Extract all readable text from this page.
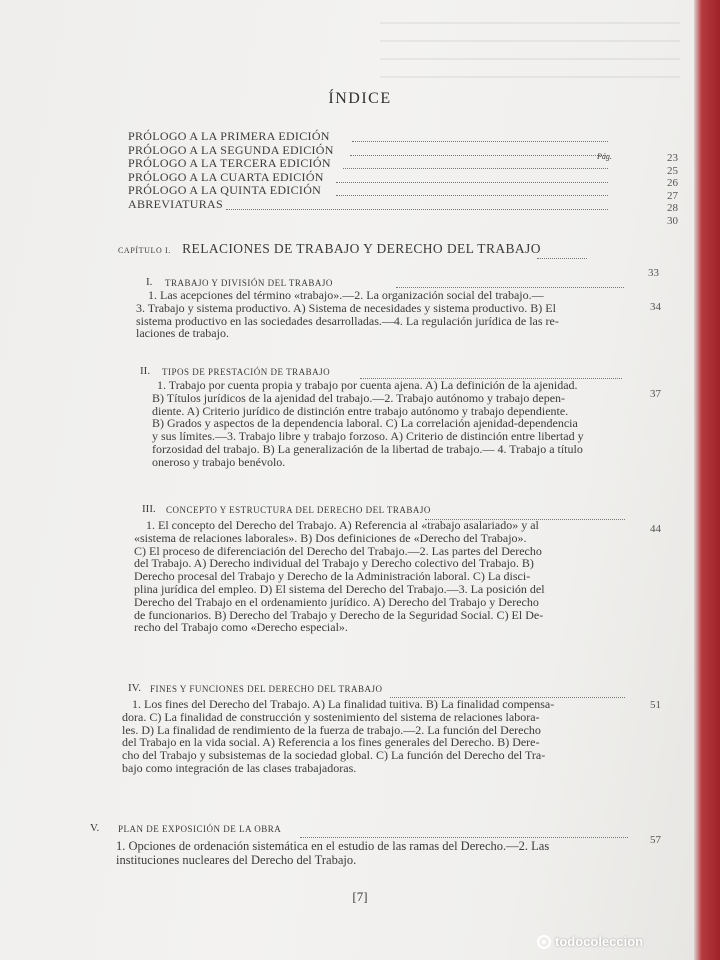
ÍNDICE
PRÓLOGO A LA PRIMERA EDICIÓN
PRÓLOGO A LA SEGUNDA EDICIÓN
PRÓLOGO A LA TERCERA EDICIÓN
PRÓLOGO A LA CUARTA EDICIÓN
PRÓLOGO A LA QUINTA EDICIÓN
ABREVIATURAS
Pág.	23
25
26
27
28
30
CAPÍTULO I. RELACIONES DE TRABAJO Y DERECHO DEL TRABAJO
33
I. TRABAJO Y DIVISIÓN DEL TRABAJO
34
1. Las acepciones del término «trabajo».—2. La organización social del trabajo.—
3. Trabajo y sistema productivo. A) Sistema de necesidades y sistema productivo. B) El
sistema productivo en las sociedades desarrolladas.—4. La regulación jurídica de las re-
laciones de trabajo.
II. TIPOS DE PRESTACIÓN DE TRABAJO
37
1. Trabajo por cuenta propia y trabajo por cuenta ajena. A) La definición de la ajenidad.
B) Títulos jurídicos de la ajenidad del trabajo.—2. Trabajo autónomo y trabajo depen-
diente. A) Criterio jurídico de distinción entre trabajo autónomo y trabajo dependiente.
B) Grados y aspectos de la dependencia laboral. C) La correlación ajenidad-dependencia
y sus límites.—3. Trabajo libre y trabajo forzoso. A) Criterio de distinción entre libertad y
forzosidad del trabajo. B) La generalización de la libertad de trabajo.— 4. Trabajo a título
oneroso y trabajo benévolo.
III. CONCEPTO Y ESTRUCTURA DEL DERECHO DEL TRABAJO
44
1. El concepto del Derecho del Trabajo. A) Referencia al «trabajo asalariado» y al
«sistema de relaciones laborales». B) Dos definiciones de «Derecho del Trabajo».
C) El proceso de diferenciación del Derecho del Trabajo.—2. Las partes del Derecho
del Trabajo. A) Derecho individual del Trabajo y Derecho colectivo del Trabajo. B)
Derecho procesal del Trabajo y Derecho de la Administración laboral. C) La disci-
plina jurídica del empleo. D) El sistema del Derecho del Trabajo.—3. La posición del
Derecho del Trabajo en el ordenamiento jurídico. A) Derecho del Trabajo y Derecho
de funcionarios. B) Derecho del Trabajo y Derecho de la Seguridad Social. C) El De-
recho del Trabajo como «Derecho especial».
IV. FINES Y FUNCIONES DEL DERECHO DEL TRABAJO
51
1. Los fines del Derecho del Trabajo. A) La finalidad tuitiva. B) La finalidad compensa-
dora. C) La finalidad de construcción y sostenimiento del sistema de relaciones labora-
les. D) La finalidad de rendimiento de la fuerza de trabajo.—2. La función del Derecho
del Trabajo en la vida social. A) Referencia a los fines generales del Derecho. B) Dere-
cho del Trabajo y subsistemas de la sociedad global. C) La función del Derecho del Tra-
bajo como integración de las clases trabajadoras.
V. PLAN DE EXPOSICIÓN DE LA OBRA
57
1. Opciones de ordenación sistemática en el estudio de las ramas del Derecho.—2. Las
instituciones nucleares del Derecho del Trabajo.
[7]
todocoleccion
